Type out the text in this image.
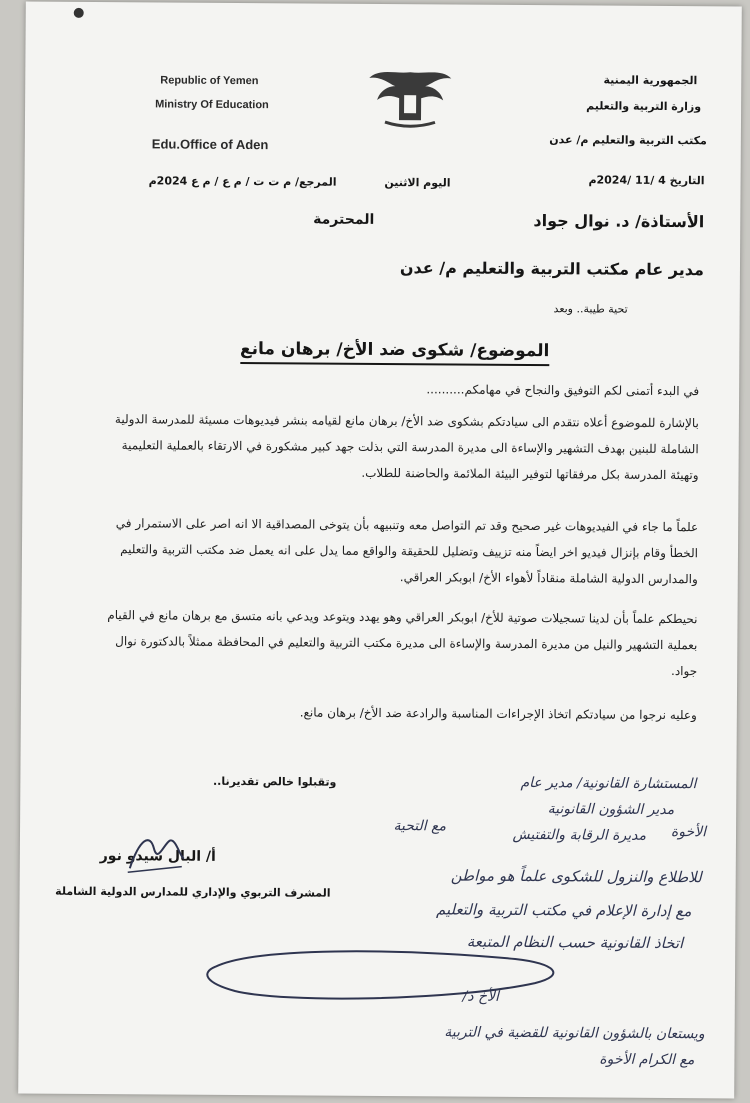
Republic of Yemen
Ministry Of Education
Edu.Office of Aden
الجمهورية اليمنية
وزارة التربية والتعليم
مكتب التربية والتعليم م/ عدن
التاريخ 4 /11 /2024م
اليوم الاثنين
المرجع/ م ت ت / م ع / م ع 2024م
الأستاذة/ د. نوال جواد
المحترمة
مدير عام مكتب التربية والتعليم م/ عدن
تحية طيبة.. وبعد
الموضوع/ شكوى ضد الأخ/ برهان مانع
في البدء أتمنى لكم التوفيق والنجاح في مهامكم..........
بالإشارة للموضوع أعلاه نتقدم الى سيادتكم بشكوى ضد الأخ/ برهان مانع لقيامه بنشر فيديوهات مسيئة للمدرسة الدولية الشاملة للبنين بهدف التشهير والإساءة الى مديرة المدرسة التي بذلت جهد كبير مشكورة في الارتقاء بالعملية التعليمية وتهيئة المدرسة بكل مرفقاتها لتوفير البيئة الملائمة والحاضنة للطلاب.
علماً ما جاء في الفيديوهات غير صحيح وقد تم التواصل معه وتنبيهه بأن يتوخى المصداقية الا انه اصر على الاستمرار في الخطأ وقام بإنزال فيديو اخر ايضاً منه تزييف وتضليل للحقيقة والواقع مما يدل على انه يعمل ضد مكتب التربية والتعليم والمدارس الدولية الشاملة منقاداً لأهواء الأخ/ ابوبكر العراقي.
نحيطكم علماً بأن لدينا تسجيلات صوتية للأخ/ ابوبكر العراقي وهو يهدد ويتوعد ويدعي بانه متسق مع برهان مانع في القيام بعملية التشهير والنيل من مديرة المدرسة والإساءة الى مديرة مكتب التربية والتعليم في المحافظة ممثلاً بالدكتورة نوال جواد.
وعليه نرجوا من سيادتكم اتخاذ الإجراءات المناسبة والرادعة ضد الأخ/ برهان مانع.
وتقبلوا خالص تقديرنا..
أ/ البال سيدو نور
المشرف التربوي والإداري للمدارس الدولية الشاملة
المستشارة القانونية/ مدير عام
مدير الشؤون القانونية
الأخوة
مديرة الرقابة والتفتيش
مع التحية
للاطلاع والنزول للشكوى علماً هو مواطن
مع إدارة الإعلام في مكتب التربية والتعليم
اتخاذ القانونية حسب النظام المتبعة
الأخ د/
ويستعان بالشؤون القانونية للقضية في التربية
مع الكرام الأخوة
